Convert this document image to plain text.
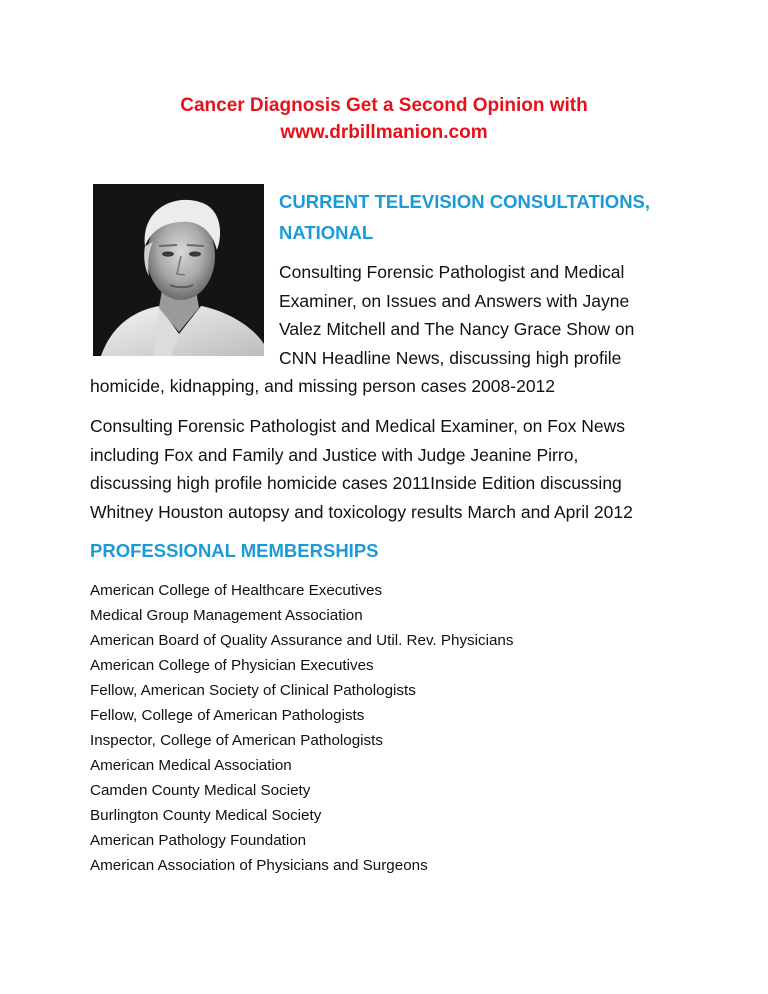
Cancer Diagnosis Get a Second Opinion with
www.drbillmanion.com
CURRENT TELEVISION CONSULTATIONS,
NATIONAL
Consulting Forensic Pathologist and Medical
Examiner, on Issues and Answers with Jayne
Valez Mitchell and The Nancy Grace Show on
CNN Headline News, discussing high profile
homicide, kidnapping, and missing person cases 2008-2012
Consulting Forensic Pathologist and Medical Examiner, on Fox News
including Fox and Family and Justice with Judge Jeanine Pirro,
discussing high profile homicide cases 2011Inside Edition discussing
Whitney Houston autopsy and toxicology results March and April 2012
PROFESSIONAL MEMBERSHIPS
American College of Healthcare Executives
Medical Group Management Association
American Board of Quality Assurance and Util. Rev. Physicians
American College of Physician Executives
Fellow, American Society of Clinical Pathologists
Fellow, College of American Pathologists
Inspector, College of American Pathologists
American Medical Association
Camden County Medical Society
Burlington County Medical Society
American Pathology Foundation
American Association of Physicians and Surgeons
